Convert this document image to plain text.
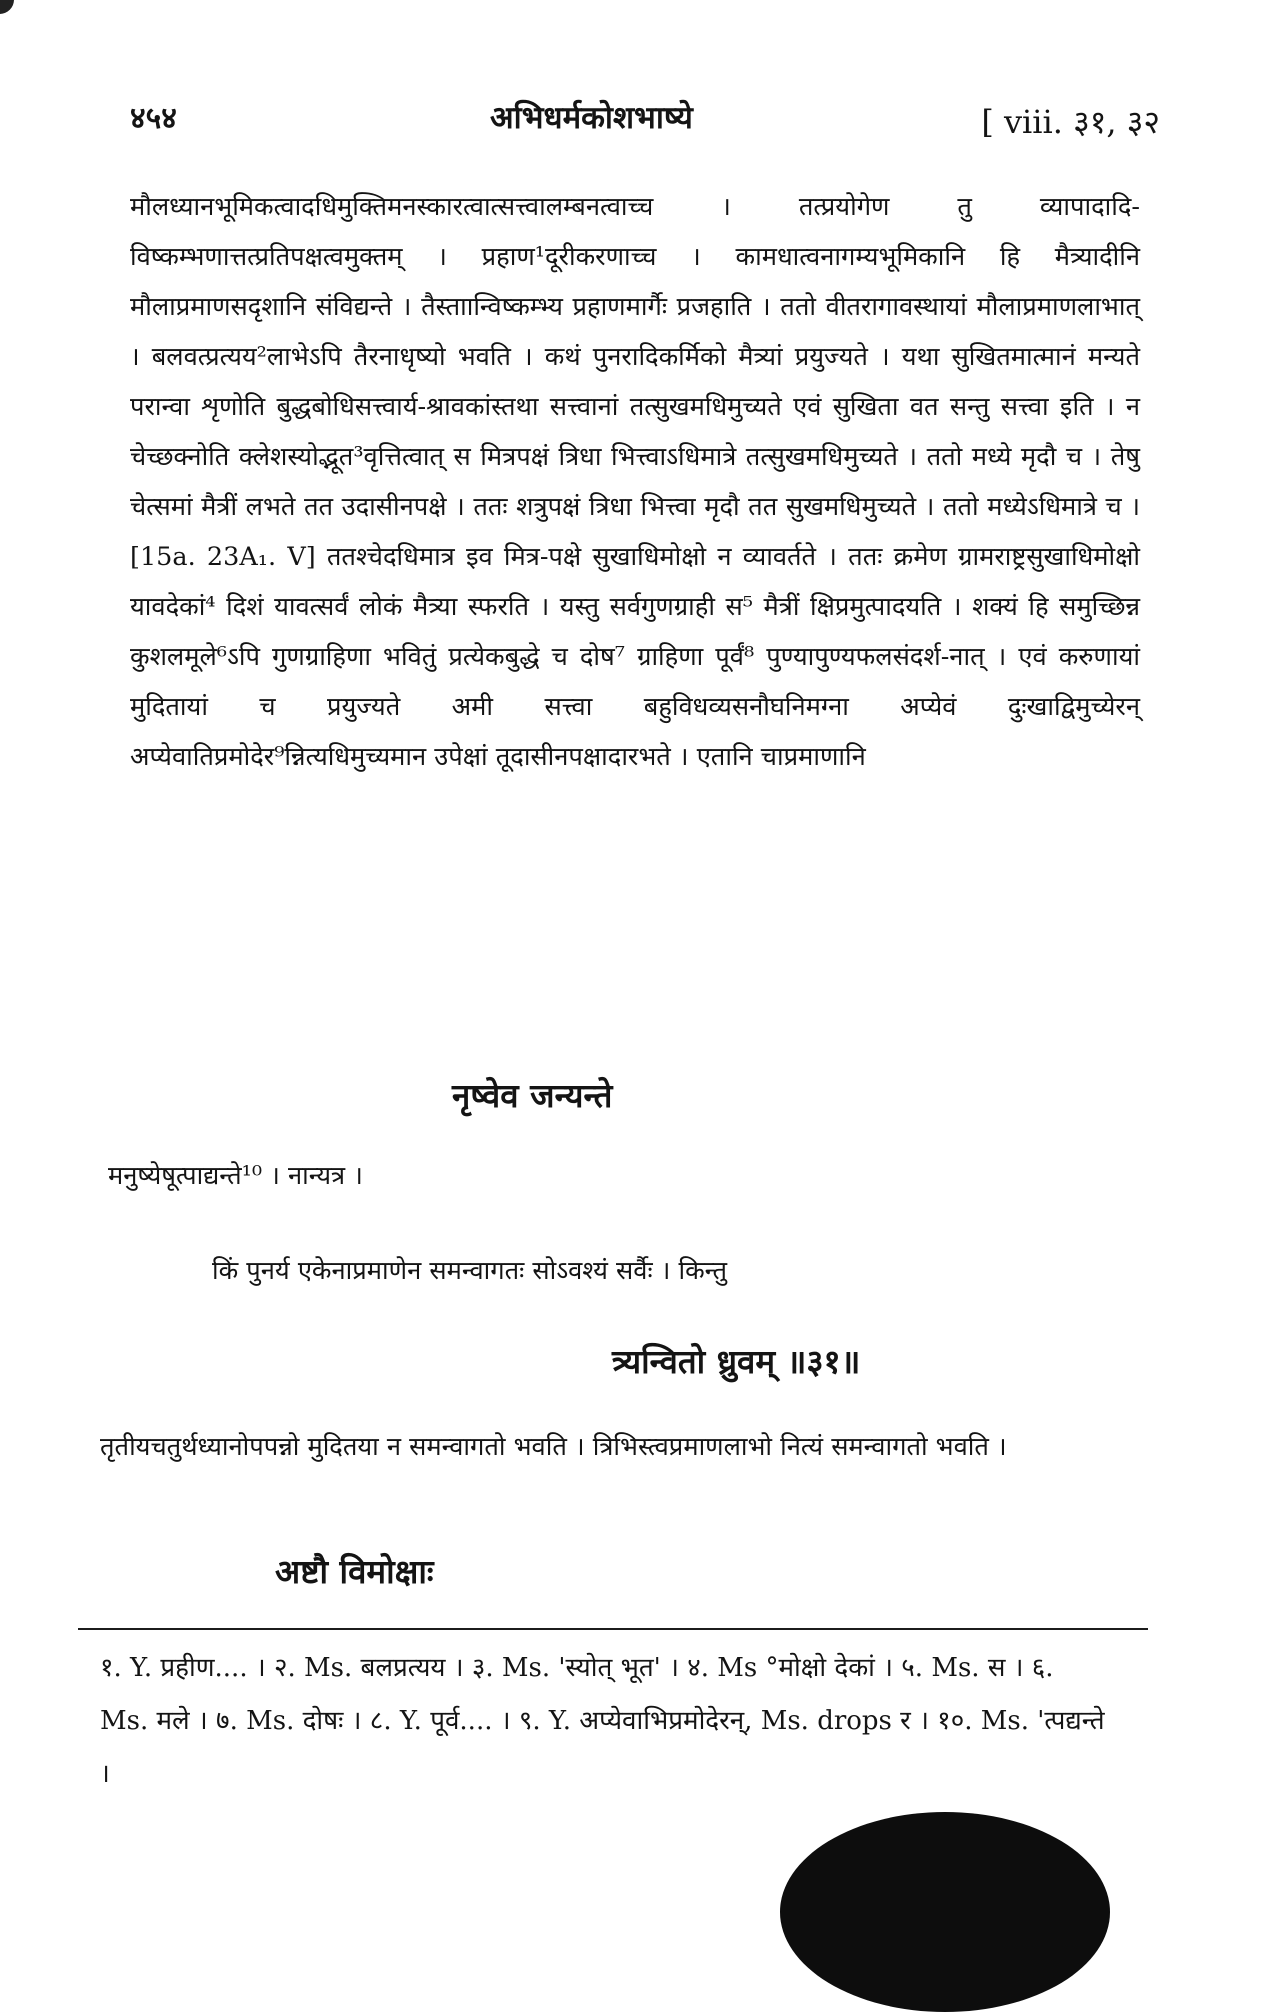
४५४	अभिधर्मकोशभाष्ये	[ viii. ३१, ३२

मौलध्यानभूमिकत्वादधिमुक्तिमनस्कारत्वात्सत्त्वालम्बनत्वाच्च । तत्प्रयोगेण तु व्यापादादि-विष्कम्भणात्तत्प्रतिपक्षत्वमुक्तम् । प्रहाण¹दूरीकरणाच्च । कामधात्वनागम्यभूमिकानि हि मैत्र्यादीनि मौलाप्रमाणसदृशानि संविद्यन्ते । तैस्ताान्विष्कम्भ्य प्रहाणमार्गैः प्रजहाति । ततो वीतरागावस्थायां मौलाप्रमाणलाभात् । बलवत्प्रत्यय²लाभेऽपि तैरनाधृष्यो भवति । कथं पुनरादिकर्मिको मैत्र्यां प्रयुज्यते । यथा सुखितमात्मानं मन्यते परान्वा शृणोति बुद्धबोधिसत्त्वार्य-श्रावकांस्तथा सत्त्वानां तत्सुखमधिमुच्यते एवं सुखिता वत सन्तु सत्त्वा इति । न चेच्छक्नोति क्लेशस्योद्भूत³वृत्तित्वात् स मित्रपक्षं त्रिधा भित्त्वाऽधिमात्रे तत्सुखमधिमुच्यते । ततो मध्ये मृदौ च । तेषु चेत्समां मैत्रीं लभते तत उदासीनपक्षे । ततः शत्रुपक्षं त्रिधा भित्त्वा मृदौ तत सुखमधिमुच्यते । ततो मध्येऽधिमात्रे च । [15a. 23A₁. V] ततश्चेदधिमात्र इव मित्र-पक्षे सुखाधिमोक्षो न व्यावर्तते । ततः क्रमेण ग्रामराष्ट्रसुखाधिमोक्षो यावदेकां⁴ दिशं यावत्सर्वं लोकं मैत्र्या स्फरति । यस्तु सर्वगुणग्राही स⁵ मैत्रीं क्षिप्रमुत्पादयति । शक्यं हि समुच्छिन्न कुशलमूले⁶ऽपि गुणग्राहिणा भवितुं प्रत्येकबुद्धे च दोष⁷ ग्राहिणा पूर्वं⁸ पुण्यापुण्यफलसंदर्श-नात् । एवं करुणायां मुदितायां च प्रयुज्यते अमी सत्त्वा बहुविधव्यसनौघनिमग्ना अप्येवं दुःखाद्विमुच्येरन् अप्येवातिप्रमोदेर⁹न्नित्यधिमुच्यमान उपेक्षां तूदासीनपक्षादारभते । एतानि चाप्रमाणानि

नृष्वेव जन्यन्ते

मनुष्येषूत्पाद्यन्ते¹⁰ । नान्यत्र ।

किं पुनर्य एकेनाप्रमाणेन समन्वागतः सोऽवश्यं सर्वैः । किन्तु

त्र्यन्वितो ध्रुवम् ॥३१॥

तृतीयचतुर्थध्यानोपपन्नो मुदितया न समन्वागतो भवति । त्रिभिस्त्वप्रमाणलाभो नित्यं समन्वागतो भवति ।

अष्टौ विमोक्षाः

१. Y. प्रहीण.... । २. Ms. बलप्रत्यय । ३. Ms. 'स्योत् भूत' । ४. Ms °मोक्षो देकां । ५. Ms. स । ६. Ms. मले । ७. Ms. दोषः । ८. Y. पूर्व.... । ९. Y. अप्येवाभिप्रमोदेरन्, Ms. drops र । १०. Ms. 'त्पद्यन्ते ।
